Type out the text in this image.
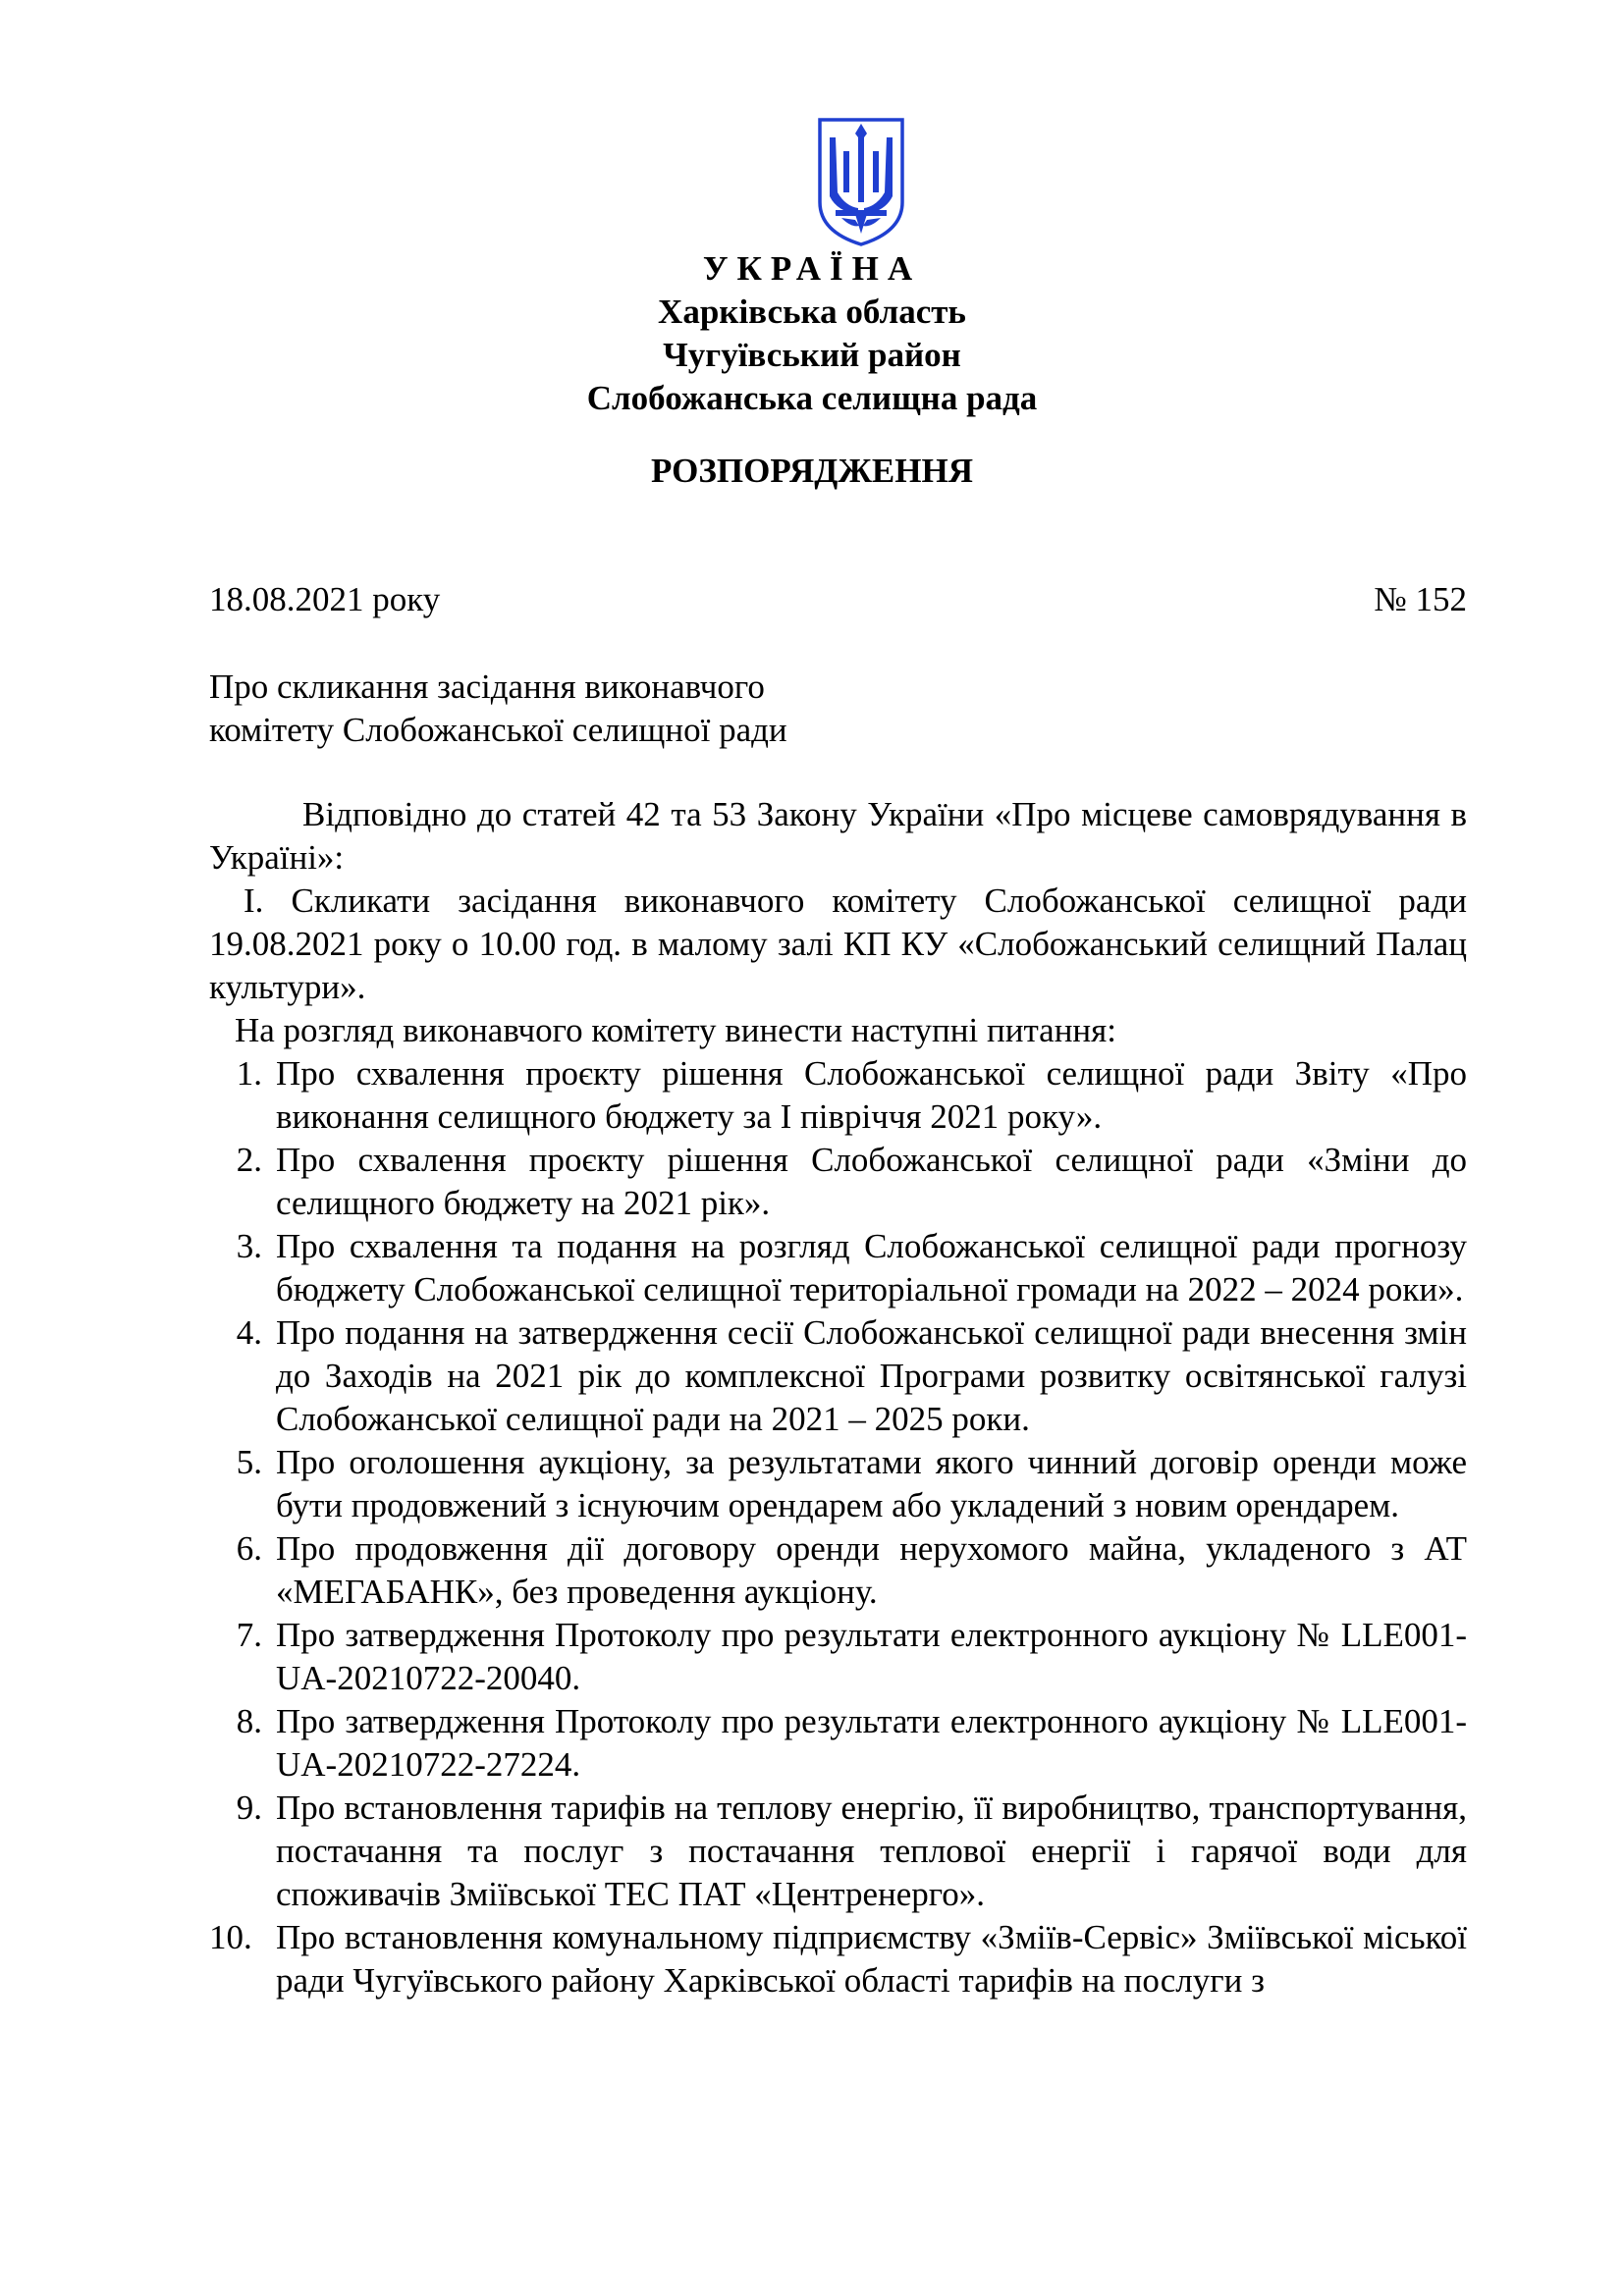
УКРАЇНА
Харківська область
Чугуївський район
Слобожанська селищна рада
РОЗПОРЯДЖЕННЯ
18.08.2021 року	№ 152
Про скликання засідання виконавчого
комітету Слобожанської селищної ради

Відповідно до статей 42 та 53 Закону України «Про місцеве самоврядування в Україні»:

I. Скликати засідання виконавчого комітету Слобожанської селищної ради 19.08.2021 року о 10.00 год. в малому залі КП КУ «Слобожанський селищний Палац культури».

На розгляд виконавчого комітету винести наступні питання:

1. Про схвалення проєкту рішення Слобожанської селищної ради Звіту «Про виконання селищного бюджету за I півріччя 2021 року».
2. Про схвалення проєкту рішення Слобожанської селищної ради «Зміни до селищного бюджету на 2021 рік».
3. Про схвалення та подання на розгляд Слобожанської селищної ради прогнозу бюджету Слобожанської селищної територіальної громади на 2022 – 2024 роки».
4. Про подання на затвердження сесії Слобожанської селищної ради внесення змін до Заходів на 2021 рік до комплексної Програми розвитку освітянської галузі Слобожанської селищної ради на 2021 – 2025 роки.
5. Про оголошення аукціону, за результатами якого чинний договір оренди може бути продовжений з існуючим орендарем або укладений з новим орендарем.
6. Про продовження дії договору оренди нерухомого майна, укладеного з АТ «МЕГАБАНК», без проведення аукціону.
7. Про затвердження Протоколу про результати електронного аукціону № LLE001-UA-20210722-20040.
8. Про затвердження Протоколу про результати електронного аукціону № LLE001-UA-20210722-27224.
9. Про встановлення тарифів на теплову енергію, її виробництво, транспортування, постачання та послуг з постачання теплової енергії і гарячої води для споживачів Зміївської ТЕС ПАТ «Центренерго».
10. Про встановлення комунальному підприємству «Зміїв-Сервіс» Зміївської міської ради Чугуївського району Харківської області тарифів на послуги з
